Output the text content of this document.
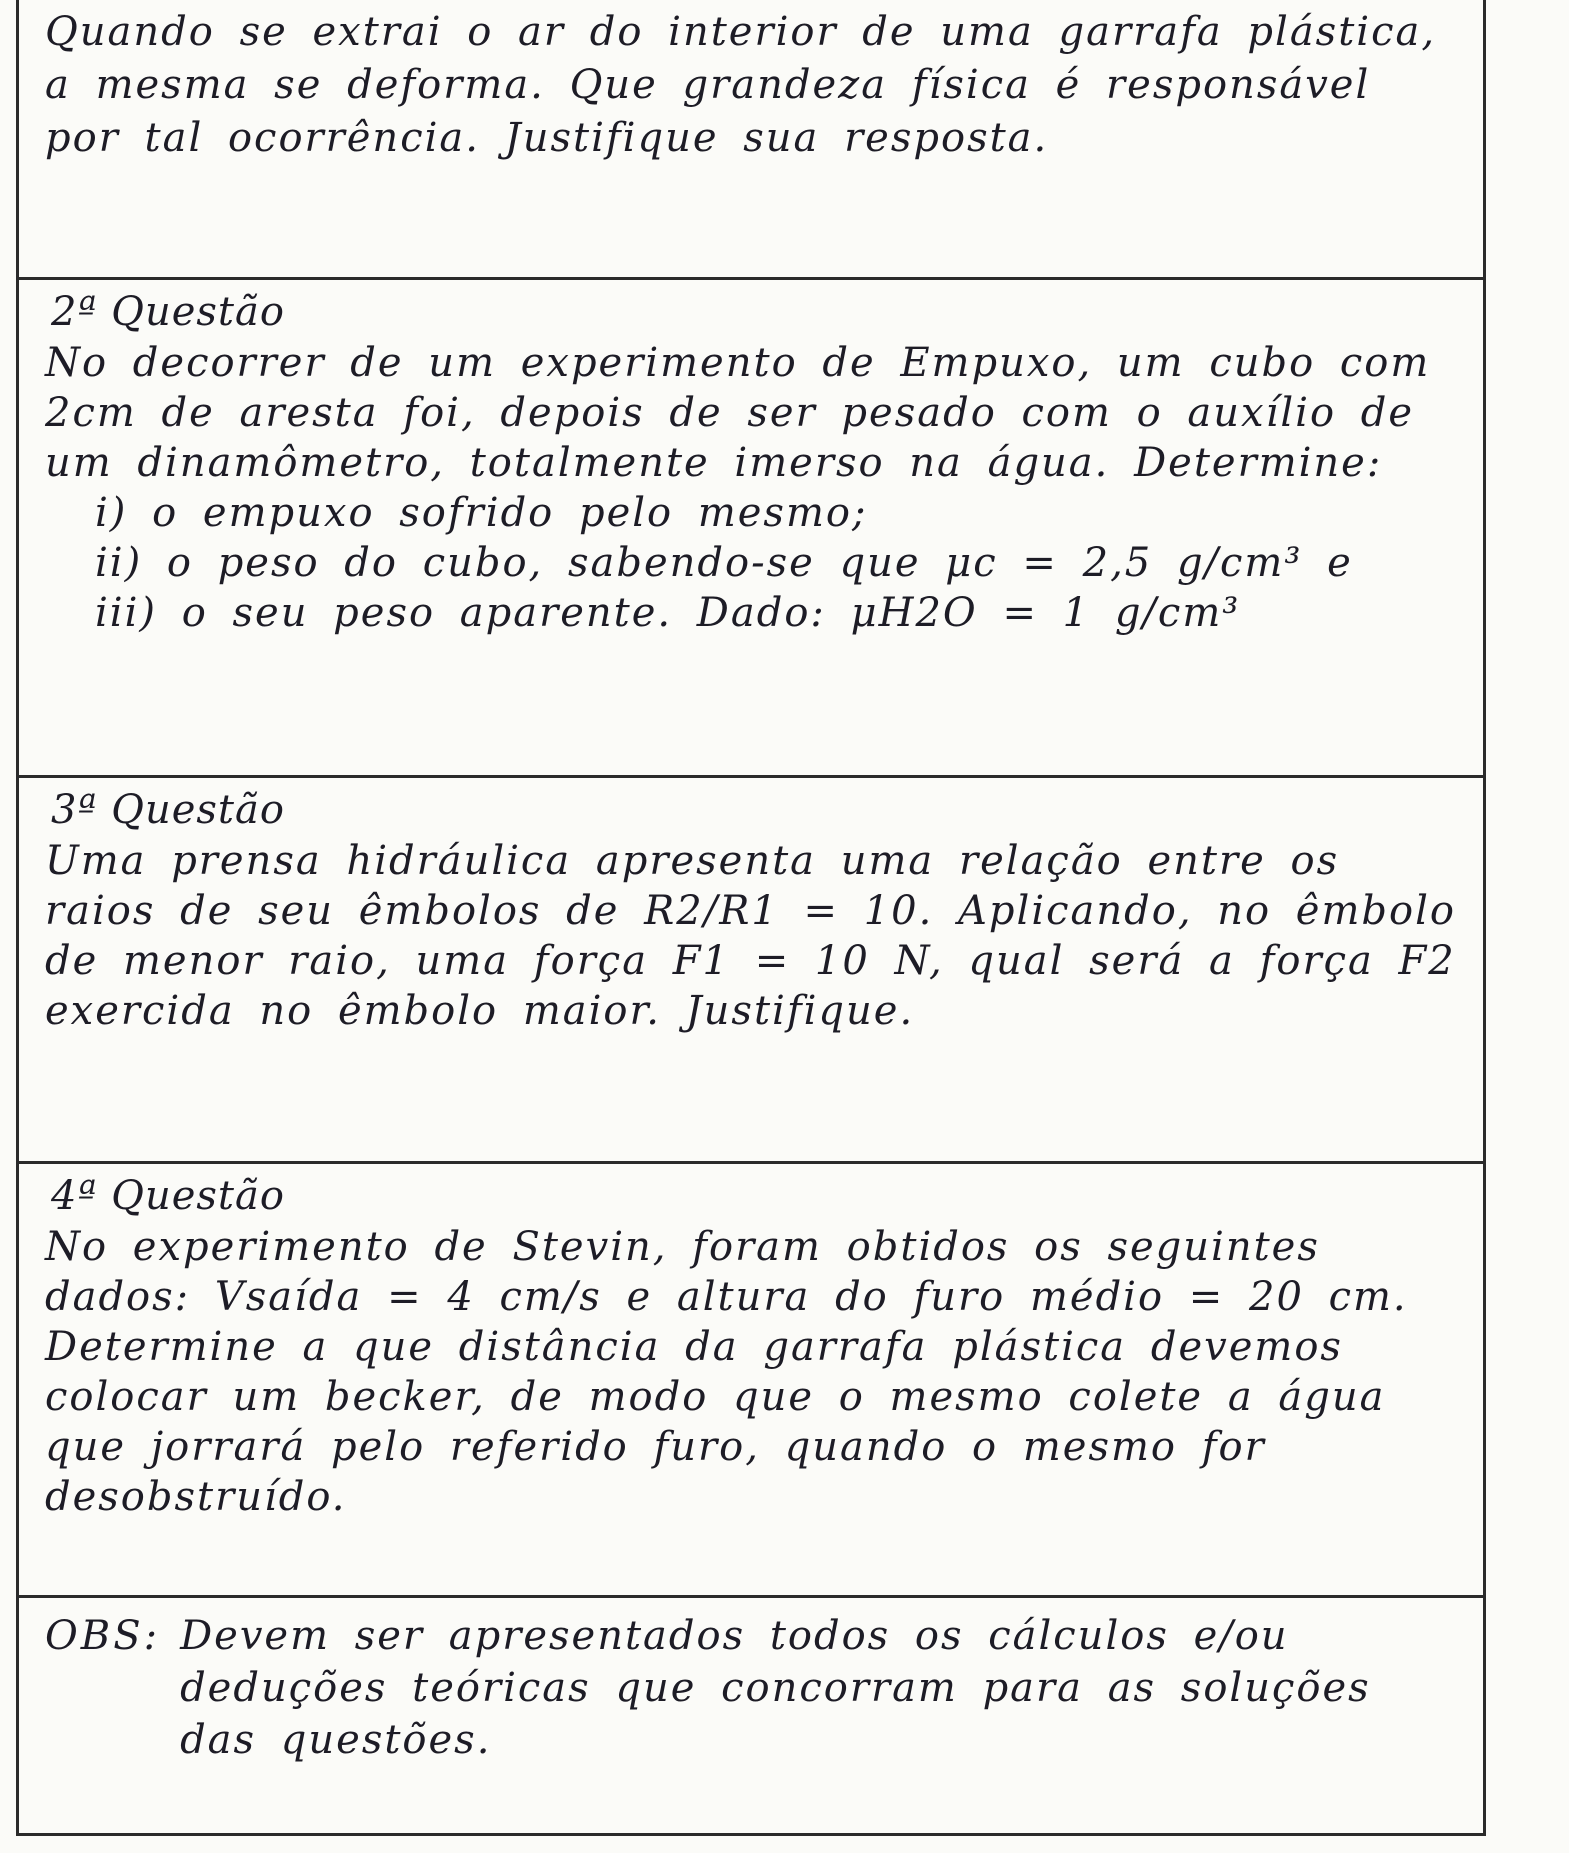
Quando se extrai o ar do interior de uma garrafa plástica, a mesma se deforma. Que grandeza física é responsável por tal ocorrência. Justifique sua resposta.

2ª Questão

No decorrer de um experimento de Empuxo, um cubo com 2cm de aresta foi, depois de ser pesado com o auxílio de um dinamômetro, totalmente imerso na água. Determine:

i) o empuxo sofrido pelo mesmo;
ii) o peso do cubo, sabendo-se que μc = 2,5 g/cm³ e
iii) o seu peso aparente. Dado: μH2O = 1 g/cm³
3ª Questão

Uma prensa hidráulica apresenta uma relação entre os raios de seu êmbolos de R2/R1 = 10. Aplicando, no êmbolo de menor raio, uma força F1 = 10 N, qual será a força F2 exercida no êmbolo maior. Justifique.

4ª Questão

No experimento de Stevin, foram obtidos os seguintes dados: Vsaída = 4 cm/s e altura do furo médio = 20 cm. Determine a que distância da garrafa plástica devemos colocar um becker, de modo que o mesmo colete a água que jorrará pelo referido furo, quando o mesmo for desobstruído.

OBS: Devem ser apresentados todos os cálculos e/ou deduções teóricas que concorram para as soluções das questões.
